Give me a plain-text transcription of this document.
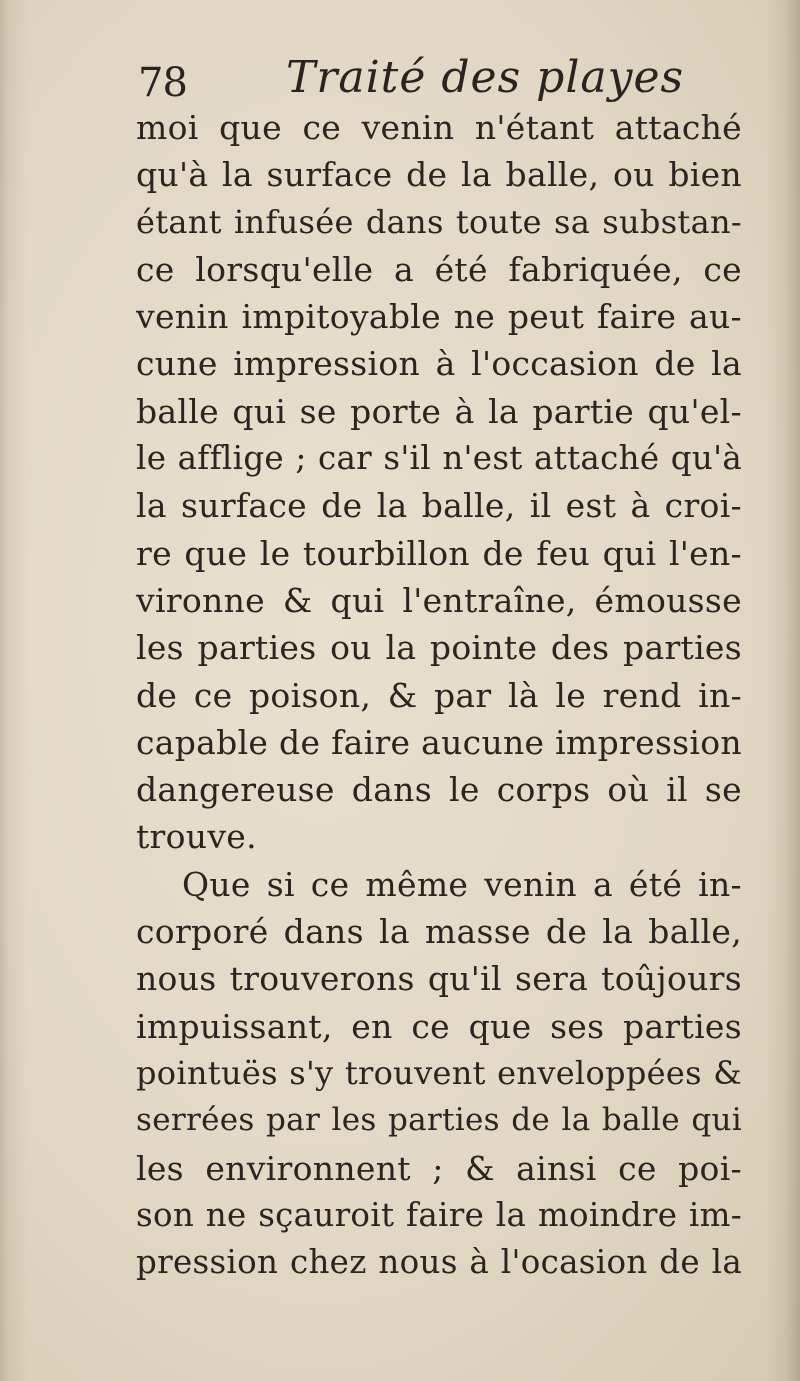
78 Traité des playes
moi que ce venin n'étant attaché
qu'à la surface de la balle, ou bien
étant infusée dans toute sa substan-
ce lorsqu'elle a été fabriquée, ce
venin impitoyable ne peut faire au-
cune impression à l'occasion de la
balle qui se porte à la partie qu'el-
le afflige ; car s'il n'est attaché qu'à
la surface de la balle, il est à croi-
re que le tourbillon de feu qui l'en-
vironne & qui l'entraîne, émousse
les parties ou la pointe des parties
de ce poison, & par là le rend in-
capable de faire aucune impression
dangereuse dans le corps où il se
trouve.
Que si ce même venin a été in-
corporé dans la masse de la balle,
nous trouverons qu'il sera toûjours
impuissant, en ce que ses parties
pointuës s'y trouvent enveloppées &
serrées par les parties de la balle qui
les environnent ; & ainsi ce poi-
son ne sçauroit faire la moindre im-
pression chez nous à l'ocasion de la
